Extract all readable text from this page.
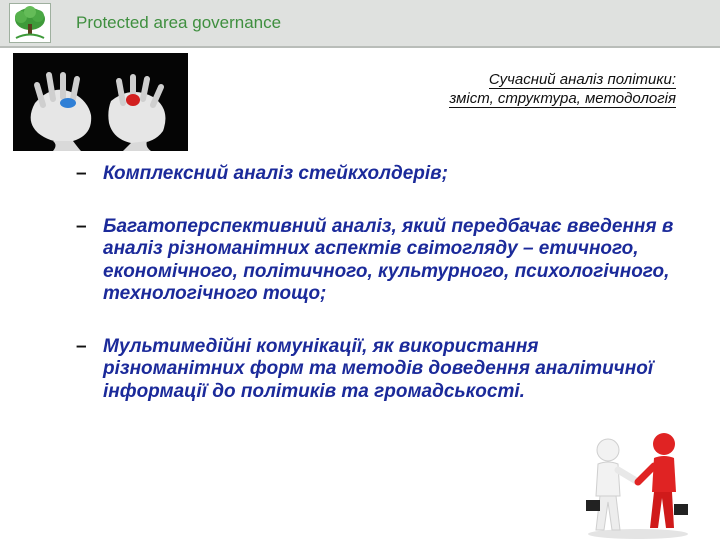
Protected area governance
Сучасний аналіз політики:
зміст, структура, методологія
– Комплексний аналіз стейкхолдерів;
– Багатоперспективний аналіз, який передбачає введення в аналіз різноманітних аспектів світогляду – етичного, економічного, політичного, культурного, психологічного, технологічного тощо;
– Мультимедійні комунікації, як використання різноманітних форм та методів доведення аналітичної інформації до політиків та громадськості.
